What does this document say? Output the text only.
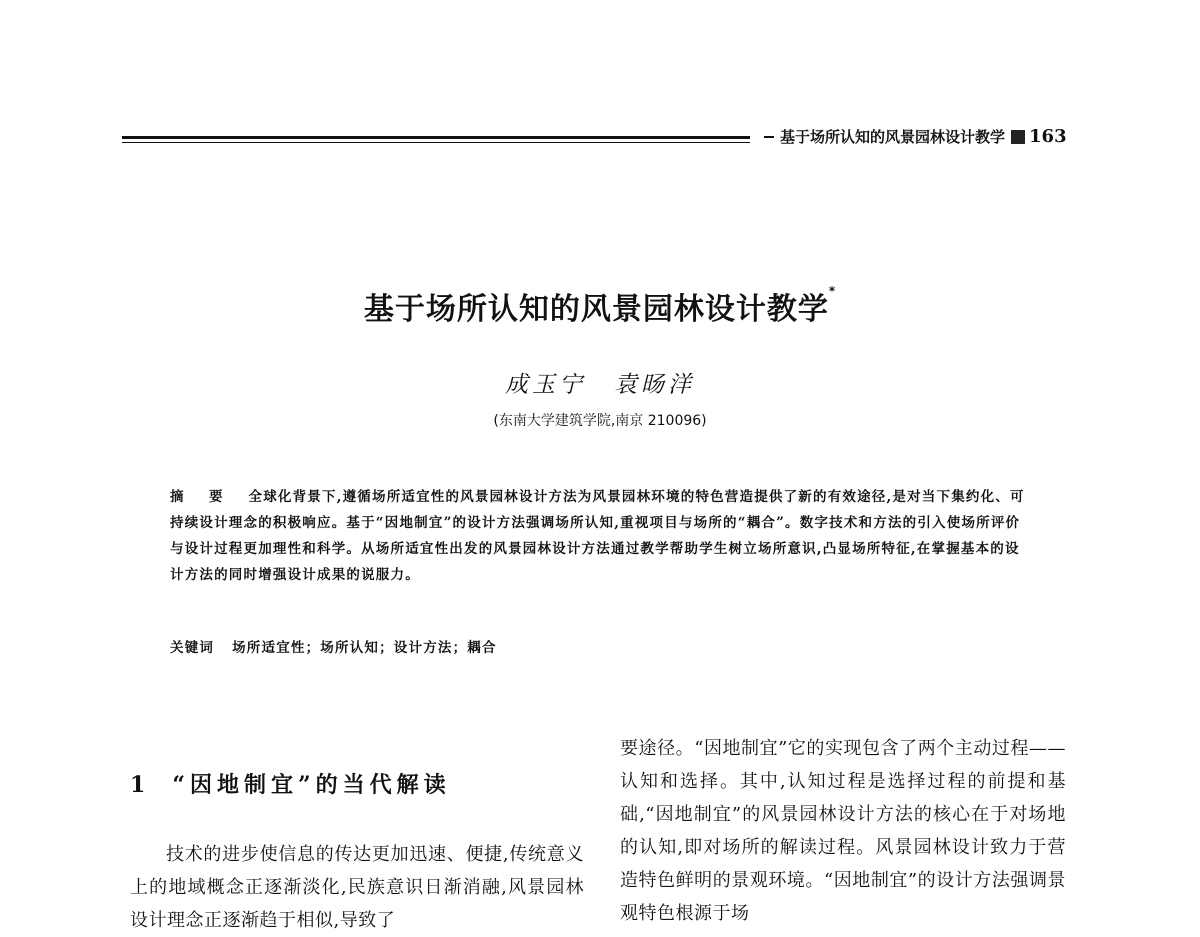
基于场所认知的风景园林设计教学 163
基于场所认知的风景园林设计教学*
成玉宁 袁旸洋
(东南大学建筑学院,南京 210096)

摘　要 全球化背景下,遵循场所适宜性的风景园林设计方法为风景园林环境的特色营造提供了新的有效途径,是对当下集约化、可持续设计理念的积极响应。基于“因地制宜”的设计方法强调场所认知,重视项目与场所的“耦合”。数字技术和方法的引入使场所评价与设计过程更加理性和科学。从场所适宜性出发的风景园林设计方法通过教学帮助学生树立场所意识,凸显场所特征,在掌握基本的设计方法的同时增强设计成果的说服力。

关键词 场所适宜性；场所认知；设计方法；耦合
1 “因地制宜”的当代解读

技术的进步使信息的传达更加迅速、便捷,传统意义上的地域概念正逐渐淡化,民族意识日渐消融,风景园林设计理念正逐渐趋于相似,导致了

要途径。“因地制宜”它的实现包含了两个主动过程——认知和选择。其中,认知过程是选择过程的前提和基础,“因地制宜”的风景园林设计方法的核心在于对场地的认知,即对场所的解读过程。风景园林设计致力于营造特色鲜明的景观环境。“因地制宜”的设计方法强调景观特色根源于场
